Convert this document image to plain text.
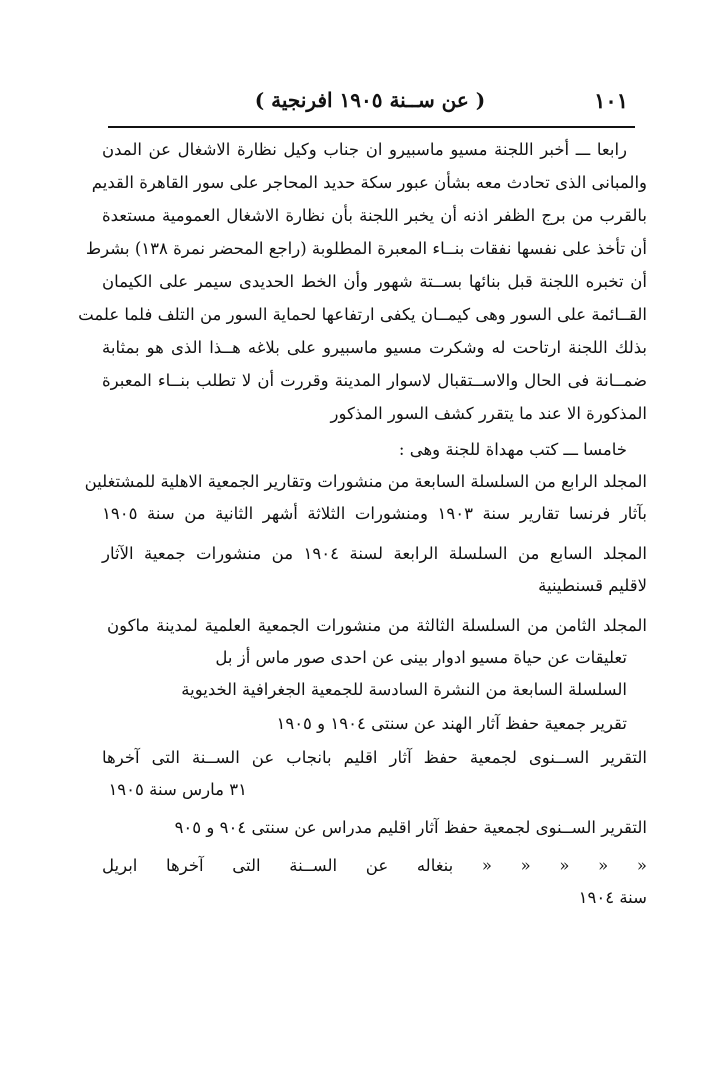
١٠١
( عن ســنة ١٩٠٥ افرنجية )
رابعا ـــ أخبر اللجنة مسيو ماسبيرو ان جناب وكيل نظارة الاشغال عن المدن
والمبانى الذى تحادث معه بشأن عبور سكة حديد المحاجر على سور القاهرة القديم
بالقرب من برج الظفر اذنه أن يخبر اللجنة بأن نظارة الاشغال العمومية مستعدة
أن تأخذ على نفسها نفقات بنــاء المعبرة المطلوبة (راجع المحضر نمرة ١٣٨) بشرط
أن تخبره اللجنة قبل بنائها بســتة شهور وأن الخط الحديدى سيمر على الكيمان
القــائمة على السور وهى كيمــان يكفى ارتفاعها لحماية السور من التلف فلما علمت
بذلك اللجنة ارتاحت له وشكرت مسيو ماسبيرو على بلاغه هــذا الذى هو بمثابة
ضمــانة فى الحال والاســتقبال لاسوار المدينة وقررت أن لا تطلب بنــاء المعبرة
المذكورة الا عند ما يتقرر كشف السور المذكور
خامسا ـــ كتب مهداة للجنة وهى :
المجلد الرابع من السلسلة السابعة من منشورات وتقارير الجمعية الاهلية للمشتغلين
بآثار فرنسا تقارير سنة ١٩٠٣ ومنشورات الثلاثة أشهر الثانية من سنة ١٩٠٥
المجلد السابع من السلسلة الرابعة لسنة ١٩٠٤ من منشورات جمعية الآثار
لاقليم قسنطينية
المجلد الثامن من السلسلة الثالثة من منشورات الجمعية العلمية لمدينة ماكون
تعليقات عن حياة مسيو ادوار بينى عن احدى صور ماس أز بل
السلسلة السابعة من النشرة السادسة للجمعية الجغرافية الخديوية
تقرير جمعية حفظ آثار الهند عن سنتى ١٩٠٤ و ١٩٠٥
التقرير الســنوى لجمعية حفظ آثار اقليم بانجاب عن الســنة التى آخرها
٣١ مارس سنة ١٩٠٥
التقرير الســنوى لجمعية حفظ آثار اقليم مدراس عن سنتى ٩٠٤ و ٩٠٥
« « « « « بنغاله عن الســنة التى آخرها ابريل
سنة ١٩٠٤
